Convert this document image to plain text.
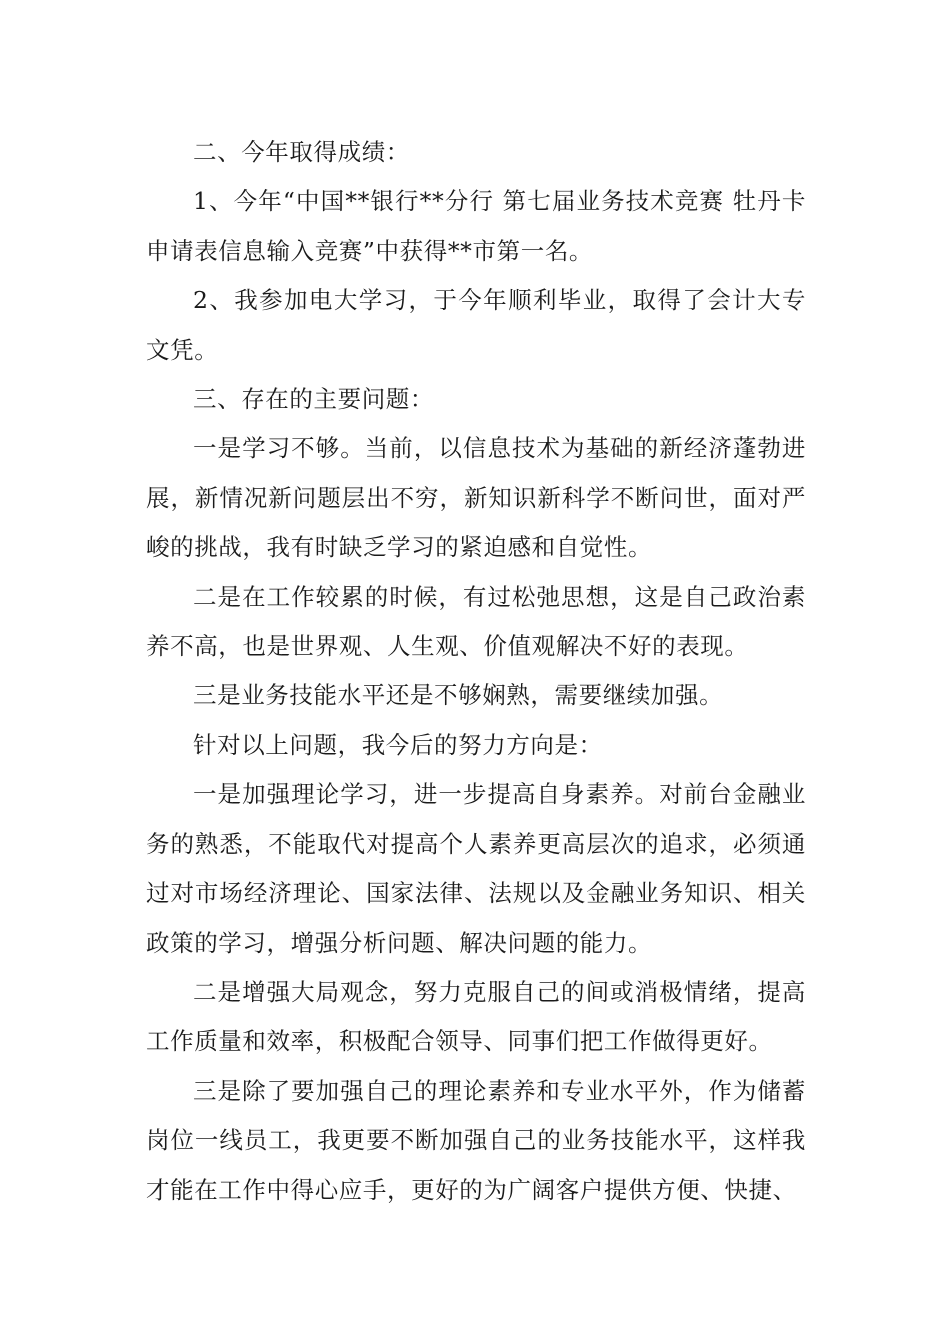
二、今年取得成绩：

1、今年“中国**银行**分行 第七届业务技术竞赛 牡丹卡申请表信息输入竞赛”中获得**市第一名。

2、我参加电大学习，于今年顺利毕业，取得了会计大专文凭。

三、存在的主要问题：

一是学习不够。当前，以信息技术为基础的新经济蓬勃进展，新情况新问题层出不穷，新知识新科学不断问世，面对严峻的挑战，我有时缺乏学习的紧迫感和自觉性。

二是在工作较累的时候，有过松弛思想，这是自己政治素养不高，也是世界观、人生观、价值观解决不好的表现。

三是业务技能水平还是不够娴熟，需要继续加强。

针对以上问题，我今后的努力方向是：

一是加强理论学习，进一步提高自身素养。对前台金融业务的熟悉，不能取代对提高个人素养更高层次的追求，必须通过对市场经济理论、国家法律、法规以及金融业务知识、相关政策的学习，增强分析问题、解决问题的能力。

二是增强大局观念，努力克服自己的间或消极情绪，提高工作质量和效率，积极配合领导、同事们把工作做得更好。

三是除了要加强自己的理论素养和专业水平外，作为储蓄岗位一线员工，我更要不断加强自己的业务技能水平，这样我才能在工作中得心应手，更好的为广阔客户提供方便、快捷、
